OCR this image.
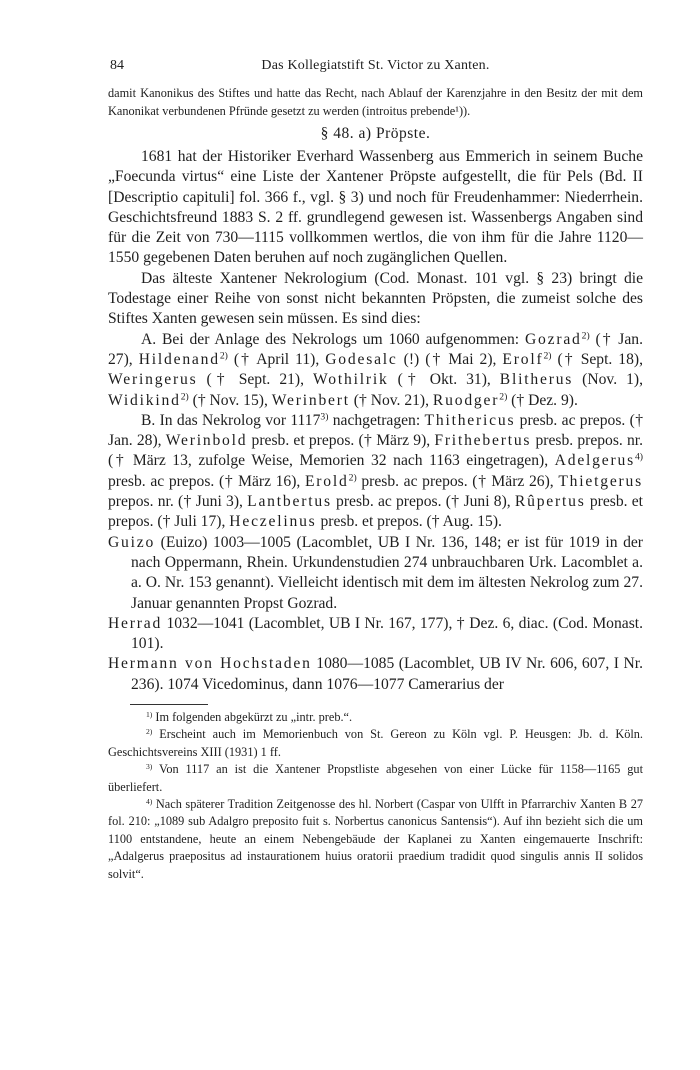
84	Das Kollegiatstift St. Victor zu Xanten.

damit Kanonikus des Stiftes und hatte das Recht, nach Ablauf der Karenzjahre in den Besitz der mit dem Kanonikat verbundenen Pfründe gesetzt zu werden (introitus prebende¹)).

§ 48. a) Pröpste.

1681 hat der Historiker Everhard Wassenberg aus Emmerich in seinem Buche „Foecunda virtus“ eine Liste der Xantener Pröpste aufgestellt, die für Pels (Bd. II [Descriptio capituli] fol. 366 f., vgl. § 3) und noch für Freudenhammer: Niederrhein. Geschichtsfreund 1883 S. 2 ff. grundlegend gewesen ist. Wassenbergs Angaben sind für die Zeit von 730—1115 vollkommen wertlos, die von ihm für die Jahre 1120—1550 gegebenen Daten beruhen auf noch zugänglichen Quellen.

Das älteste Xantener Nekrologium (Cod. Monast. 101 vgl. § 23) bringt die Todestage einer Reihe von sonst nicht bekannten Pröpsten, die zumeist solche des Stiftes Xanten gewesen sein müssen. Es sind dies:

A. Bei der Anlage des Nekrologs um 1060 aufgenommen: Gozrad$^{2)}$ († Jan. 27), Hildenand$^{2)}$ († April 11), Godesalc (!) († Mai 2), Erolf$^{2)}$ († Sept. 18), Weringerus († Sept. 21), Wothilrik († Okt. 31), Blitherus (Nov. 1), Widikind$^{2)}$ († Nov. 15), Werinbert († Nov. 21), Ruodger$^{2)}$ († Dez. 9).

B. In das Nekrolog vor 1117$^{3)}$ nachgetragen: Thithericus presb. ac prepos. († Jan. 28), Werinbold presb. et prepos. († März 9), Frithebertus presb. prepos. nr. († März 13, zufolge Weise, Memorien 32 nach 1163 eingetragen), Adelgerus$^{4)}$ presb. ac prepos. († März 16), Erold$^{2)}$ presb. ac prepos. († März 26), Thietgerus prepos. nr. († Juni 3), Lantbertus presb. ac prepos. († Juni 8), Rûpertus presb. et prepos. († Juli 17), Heczelinus presb. et prepos. († Aug. 15).

Guizo (Euizo) 1003—1005 (Lacomblet, UB I Nr. 136, 148; er ist für 1019 in der nach Oppermann, Rhein. Urkundenstudien 274 unbrauchbaren Urk. Lacomblet a. a. O. Nr. 153 genannt). Vielleicht identisch mit dem im ältesten Nekrolog zum 27. Januar genannten Propst Gozrad.

Herrad 1032—1041 (Lacomblet, UB I Nr. 167, 177), † Dez. 6, diac. (Cod. Monast. 101).

Hermann von Hochstaden 1080—1085 (Lacomblet, UB IV Nr. 606, 607, I Nr. 236). 1074 Vicedominus, dann 1076—1077 Camerarius der

$^{1)}$ Im folgenden abgekürzt zu „intr. preb.“.

$^{2)}$ Erscheint auch im Memorienbuch von St. Gereon zu Köln vgl. P. Heusgen: Jb. d. Köln. Geschichtsvereins XIII (1931) 1 ff.

$^{3)}$ Von 1117 an ist die Xantener Propstliste abgesehen von einer Lücke für 1158—1165 gut überliefert.

$^{4)}$ Nach späterer Tradition Zeitgenosse des hl. Norbert (Caspar von Ulfft in Pfarrarchiv Xanten B 27 fol. 210: „1089 sub Adalgro preposito fuit s. Norbertus canonicus Santensis“). Auf ihn bezieht sich die um 1100 entstandene, heute an einem Nebengebäude der Kaplanei zu Xanten eingemauerte Inschrift: „Adalgerus praepositus ad instaurationem huius oratorii praedium tradidit quod singulis annis II solidos solvit“.
